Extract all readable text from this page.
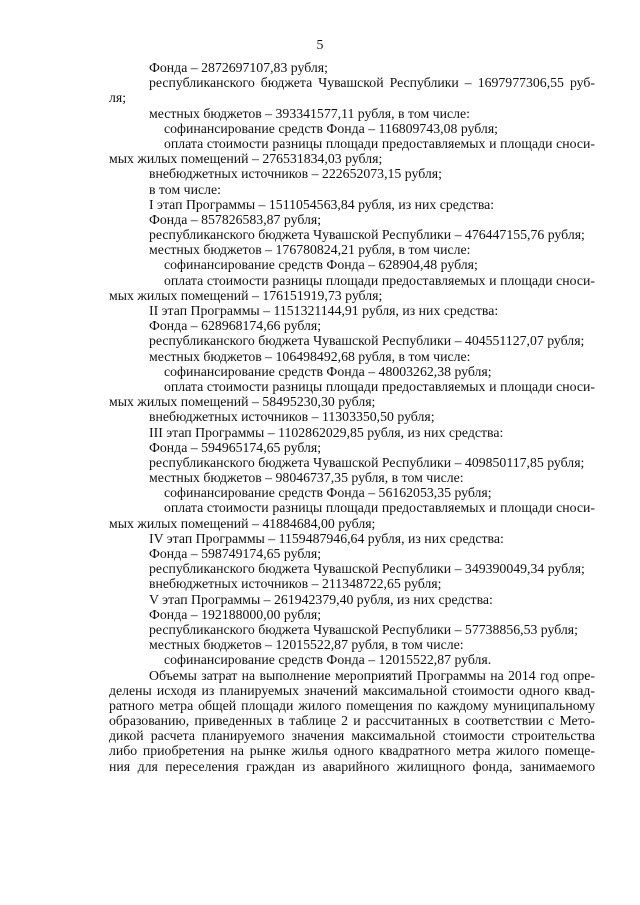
5
Фонда – 2872697107,83 рубля;
республиканского бюджета Чувашской Республики – 1697977306,55 руб-
ля;
местных бюджетов – 393341577,11 рубля, в том числе:
софинансирование средств Фонда – 116809743,08 рубля;
оплата стоимости разницы площади предоставляемых и площади сноси-
мых жилых помещений – 276531834,03 рубля;
внебюджетных источников – 222652073,15 рубля;
в том числе:
I этап Программы – 1511054563,84 рубля, из них средства:
Фонда – 857826583,87 рубля;
республиканского бюджета Чувашской Республики – 476447155,76 рубля;
местных бюджетов – 176780824,21 рубля, в том числе:
софинансирование средств Фонда – 628904,48 рубля;
оплата стоимости разницы площади предоставляемых и площади сноси-
мых жилых помещений – 176151919,73 рубля;
II этап Программы – 1151321144,91 рубля, из них средства:
Фонда – 628968174,66 рубля;
республиканского бюджета Чувашской Республики – 404551127,07 рубля;
местных бюджетов – 106498492,68 рубля, в том числе:
софинансирование средств Фонда – 48003262,38 рубля;
оплата стоимости разницы площади предоставляемых и площади сноси-
мых жилых помещений – 58495230,30 рубля;
внебюджетных источников – 11303350,50 рубля;
III этап Программы – 1102862029,85 рубля, из них средства:
Фонда – 594965174,65 рубля;
республиканского бюджета Чувашской Республики – 409850117,85 рубля;
местных бюджетов – 98046737,35 рубля, в том числе:
софинансирование средств Фонда – 56162053,35 рубля;
оплата стоимости разницы площади предоставляемых и площади сноси-
мых жилых помещений – 41884684,00 рубля;
IV этап Программы – 1159487946,64 рубля, из них средства:
Фонда – 598749174,65 рубля;
республиканского бюджета Чувашской Республики – 349390049,34 рубля;
внебюджетных источников – 211348722,65 рубля;
V этап Программы – 261942379,40 рубля, из них средства:
Фонда – 192188000,00 рубля;
республиканского бюджета Чувашской Республики – 57738856,53 рубля;
местных бюджетов – 12015522,87 рубля, в том числе:
софинансирование средств Фонда – 12015522,87 рубля.
Объемы затрат на выполнение мероприятий Программы на 2014 год опре-
делены исходя из планируемых значений максимальной стоимости одного квад-
ратного метра общей площади жилого помещения по каждому муниципальному
образованию, приведенных в таблице 2 и рассчитанных в соответствии с Мето-
дикой расчета планируемого значения максимальной стоимости строительства
либо приобретения на рынке жилья одного квадратного метра жилого помеще-
ния для переселения граждан из аварийного жилищного фонда, занимаемого
